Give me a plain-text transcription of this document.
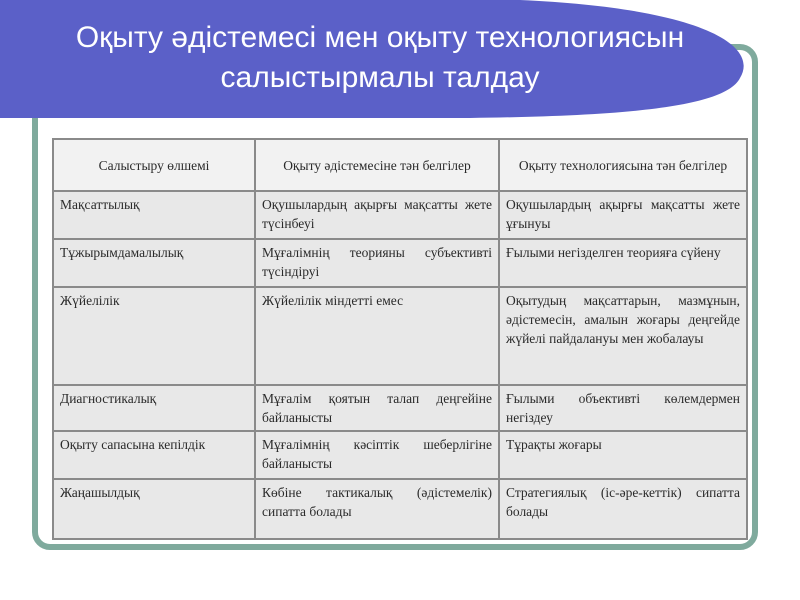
Оқыту әдістемесі мен оқыту технологиясын
салыстырмалы талдау
Салыстыру өлшемі	Оқыту әдістемесіне тән белгілер	Оқыту технологиясына тән белгілер
Мақсаттылық	Оқушылардың ақырғы мақсатты жете түсінбеуі	Оқушылардың ақырғы мақсатты жете ұғынуы
Тұжырымдамалылық	Мұғалімнің теорияны субъективті түсіндіруі	Ғылыми негізделген теорияға сүйену
Жүйелілік	Жүйелілік міндетті емес	Оқытудың мақсаттарын, мазмұнын, әдістемесін, амалын жоғары деңгейде жүйелі пайдалануы мен жобалауы
Диагностикалық	Мұғалім қоятын талап деңгейіне байланысты	Ғылыми объективті көлемдермен негіздеу
Оқыту сапасына кепілдік	Мұғалімнің кәсіптік шеберлігіне байланысты	Тұрақты жоғары
Жаңашылдық	Көбіне тактикалық (әдістемелік) сипатта болады	Стратегиялық (іс-әре-кеттік) сипатта болады
